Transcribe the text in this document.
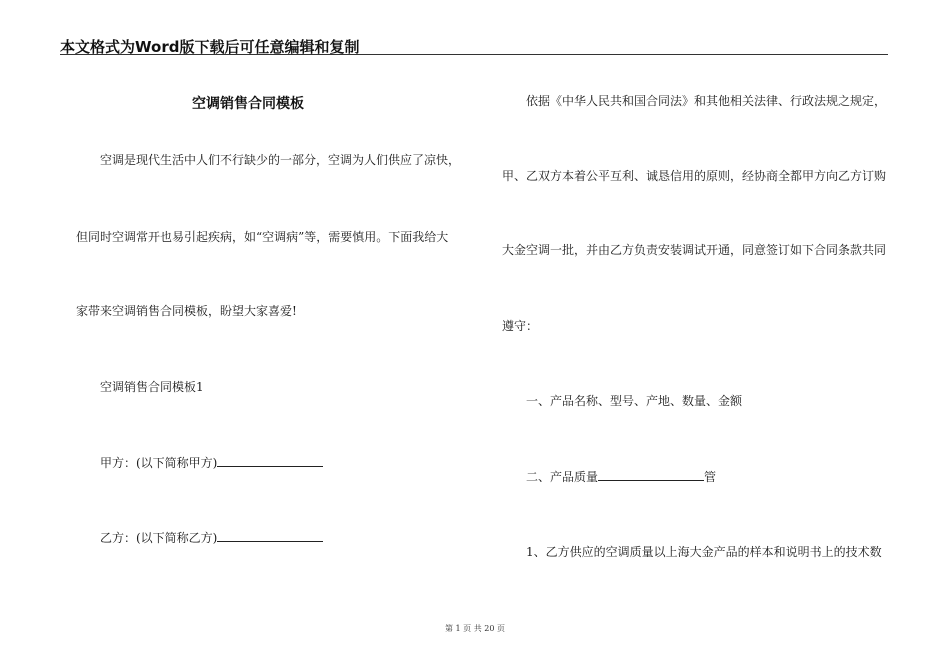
本文格式为Word版下载后可任意编辑和复制
空调销售合同模板
空调是现代生活中人们不行缺少的一部分，空调为人们供应了凉快，
但同时空调常开也易引起疾病，如“空调病”等，需要慎用。下面我给大
家带来空调销售合同模板，盼望大家喜爱!
空调销售合同模板1
甲方：(以下简称甲方)
乙方：(以下简称乙方)
依据《中华人民共和国合同法》和其他相关法律、行政法规之规定，
甲、乙双方本着公平互利、诚恳信用的原则，经协商全都甲方向乙方订购
大金空调一批，并由乙方负责安装调试开通，同意签订如下合同条款共同
遵守：
一、产品名称、型号、产地、数量、金额
二、产品质量	管
1、乙方供应的空调质量以上海大金产品的样本和说明书上的技术数
第 1 页 共 20 页
